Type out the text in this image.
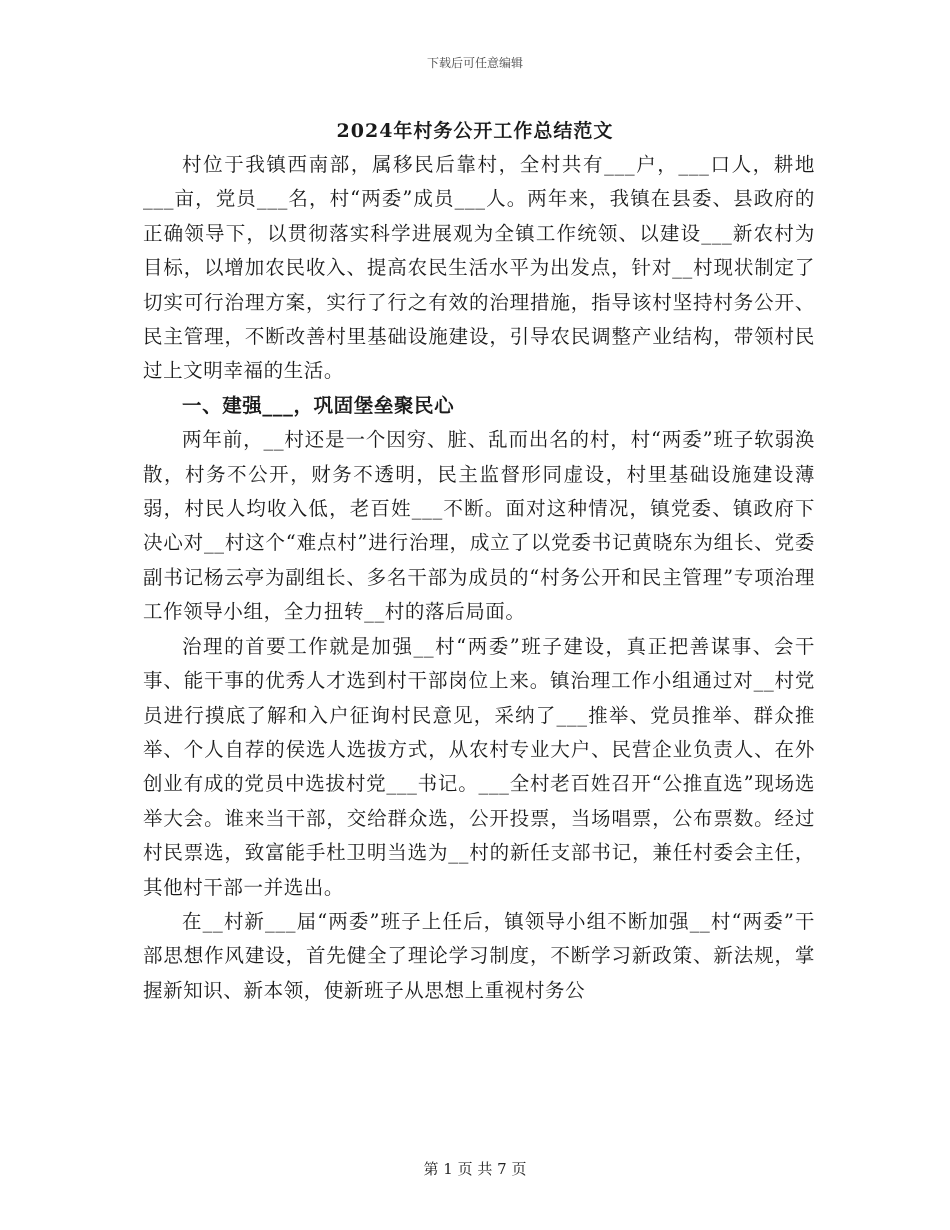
下载后可任意编辑
2024年村务公开工作总结范文

村位于我镇西南部，属移民后靠村，全村共有___户，___口人，耕地___亩，党员___名，村“两委”成员___人。两年来，我镇在县委、县政府的正确领导下，以贯彻落实科学进展观为全镇工作统领、以建设___新农村为目标，以增加农民收入、提高农民生活水平为出发点，针对__村现状制定了切实可行治理方案，实行了行之有效的治理措施，指导该村坚持村务公开、民主管理，不断改善村里基础设施建设，引导农民调整产业结构，带领村民过上文明幸福的生活。

一、建强___，巩固堡垒聚民心

两年前，__村还是一个因穷、脏、乱而出名的村，村“两委”班子软弱涣散，村务不公开，财务不透明，民主监督形同虚设，村里基础设施建设薄弱，村民人均收入低，老百姓___不断。面对这种情况，镇党委、镇政府下决心对__村这个“难点村”进行治理，成立了以党委书记黄晓东为组长、党委副书记杨云亭为副组长、多名干部为成员的“村务公开和民主管理”专项治理工作领导小组，全力扭转__村的落后局面。

治理的首要工作就是加强__村“两委”班子建设，真正把善谋事、会干事、能干事的优秀人才选到村干部岗位上来。镇治理工作小组通过对__村党员进行摸底了解和入户征询村民意见，采纳了___推举、党员推举、群众推举、个人自荐的侯选人选拔方式，从农村专业大户、民营企业负责人、在外创业有成的党员中选拔村党___书记。___全村老百姓召开“公推直选”现场选举大会。谁来当干部，交给群众选，公开投票，当场唱票，公布票数。经过村民票选，致富能手杜卫明当选为__村的新任支部书记，兼任村委会主任，其他村干部一并选出。

在__村新___届“两委”班子上任后，镇领导小组不断加强__村“两委”干部思想作风建设，首先健全了理论学习制度，不断学习新政策、新法规，掌握新知识、新本领，使新班子从思想上重视村务公

第 1 页 共 7 页
